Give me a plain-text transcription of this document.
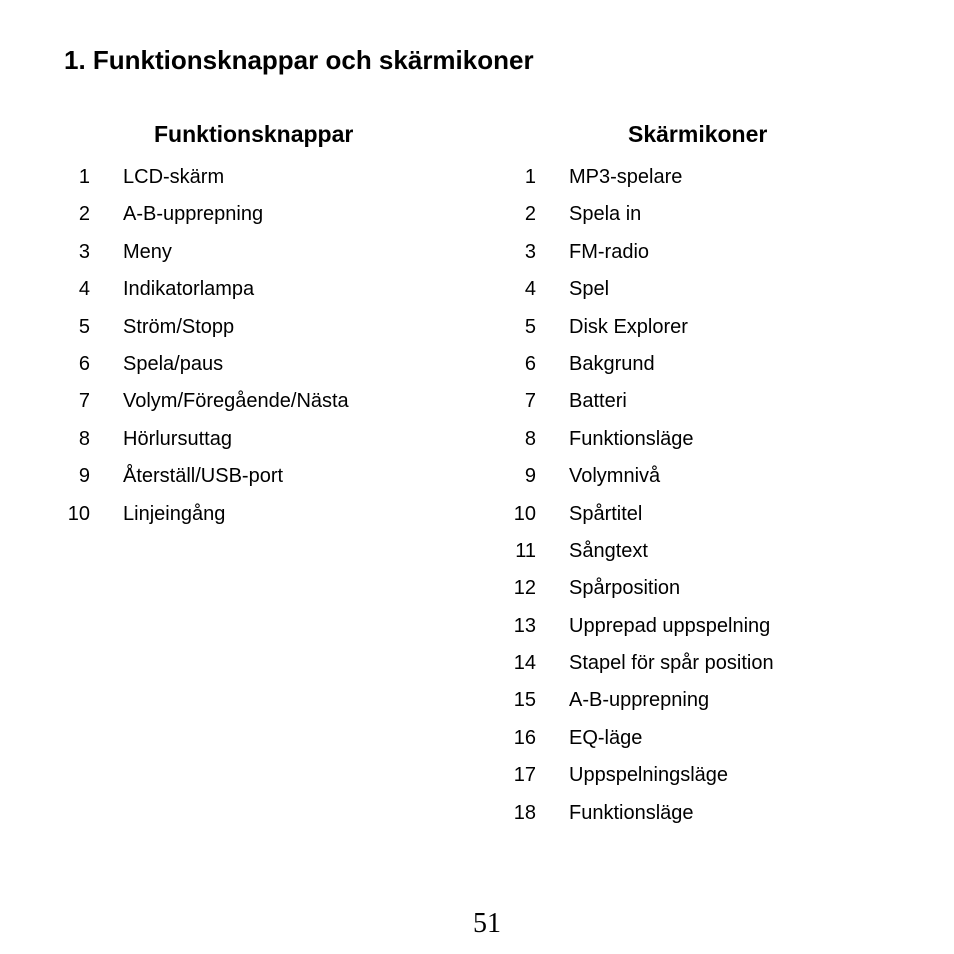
1. Funktionsknappar och skärmikoner
Funktionsknappar
1 LCD-skärm
2 A-B-upprepning
3 Meny
4 Indikatorlampa
5 Ström/Stopp
6 Spela/paus
7 Volym/Föregående/Nästa
8 Hörlursuttag
9 Återställ/USB-port
10 Linjeingång
Skärmikoner
1 MP3-spelare
2 Spela in
3 FM-radio
4 Spel
5 Disk Explorer
6 Bakgrund
7 Batteri
8 Funktionsläge
9 Volymnivå
10 Spårtitel
11 Sångtext
12 Spårposition
13 Upprepad uppspelning
14 Stapel för spår position
15 A-B-upprepning
16 EQ-läge
17 Uppspelningsläge
18 Funktionsläge
51
